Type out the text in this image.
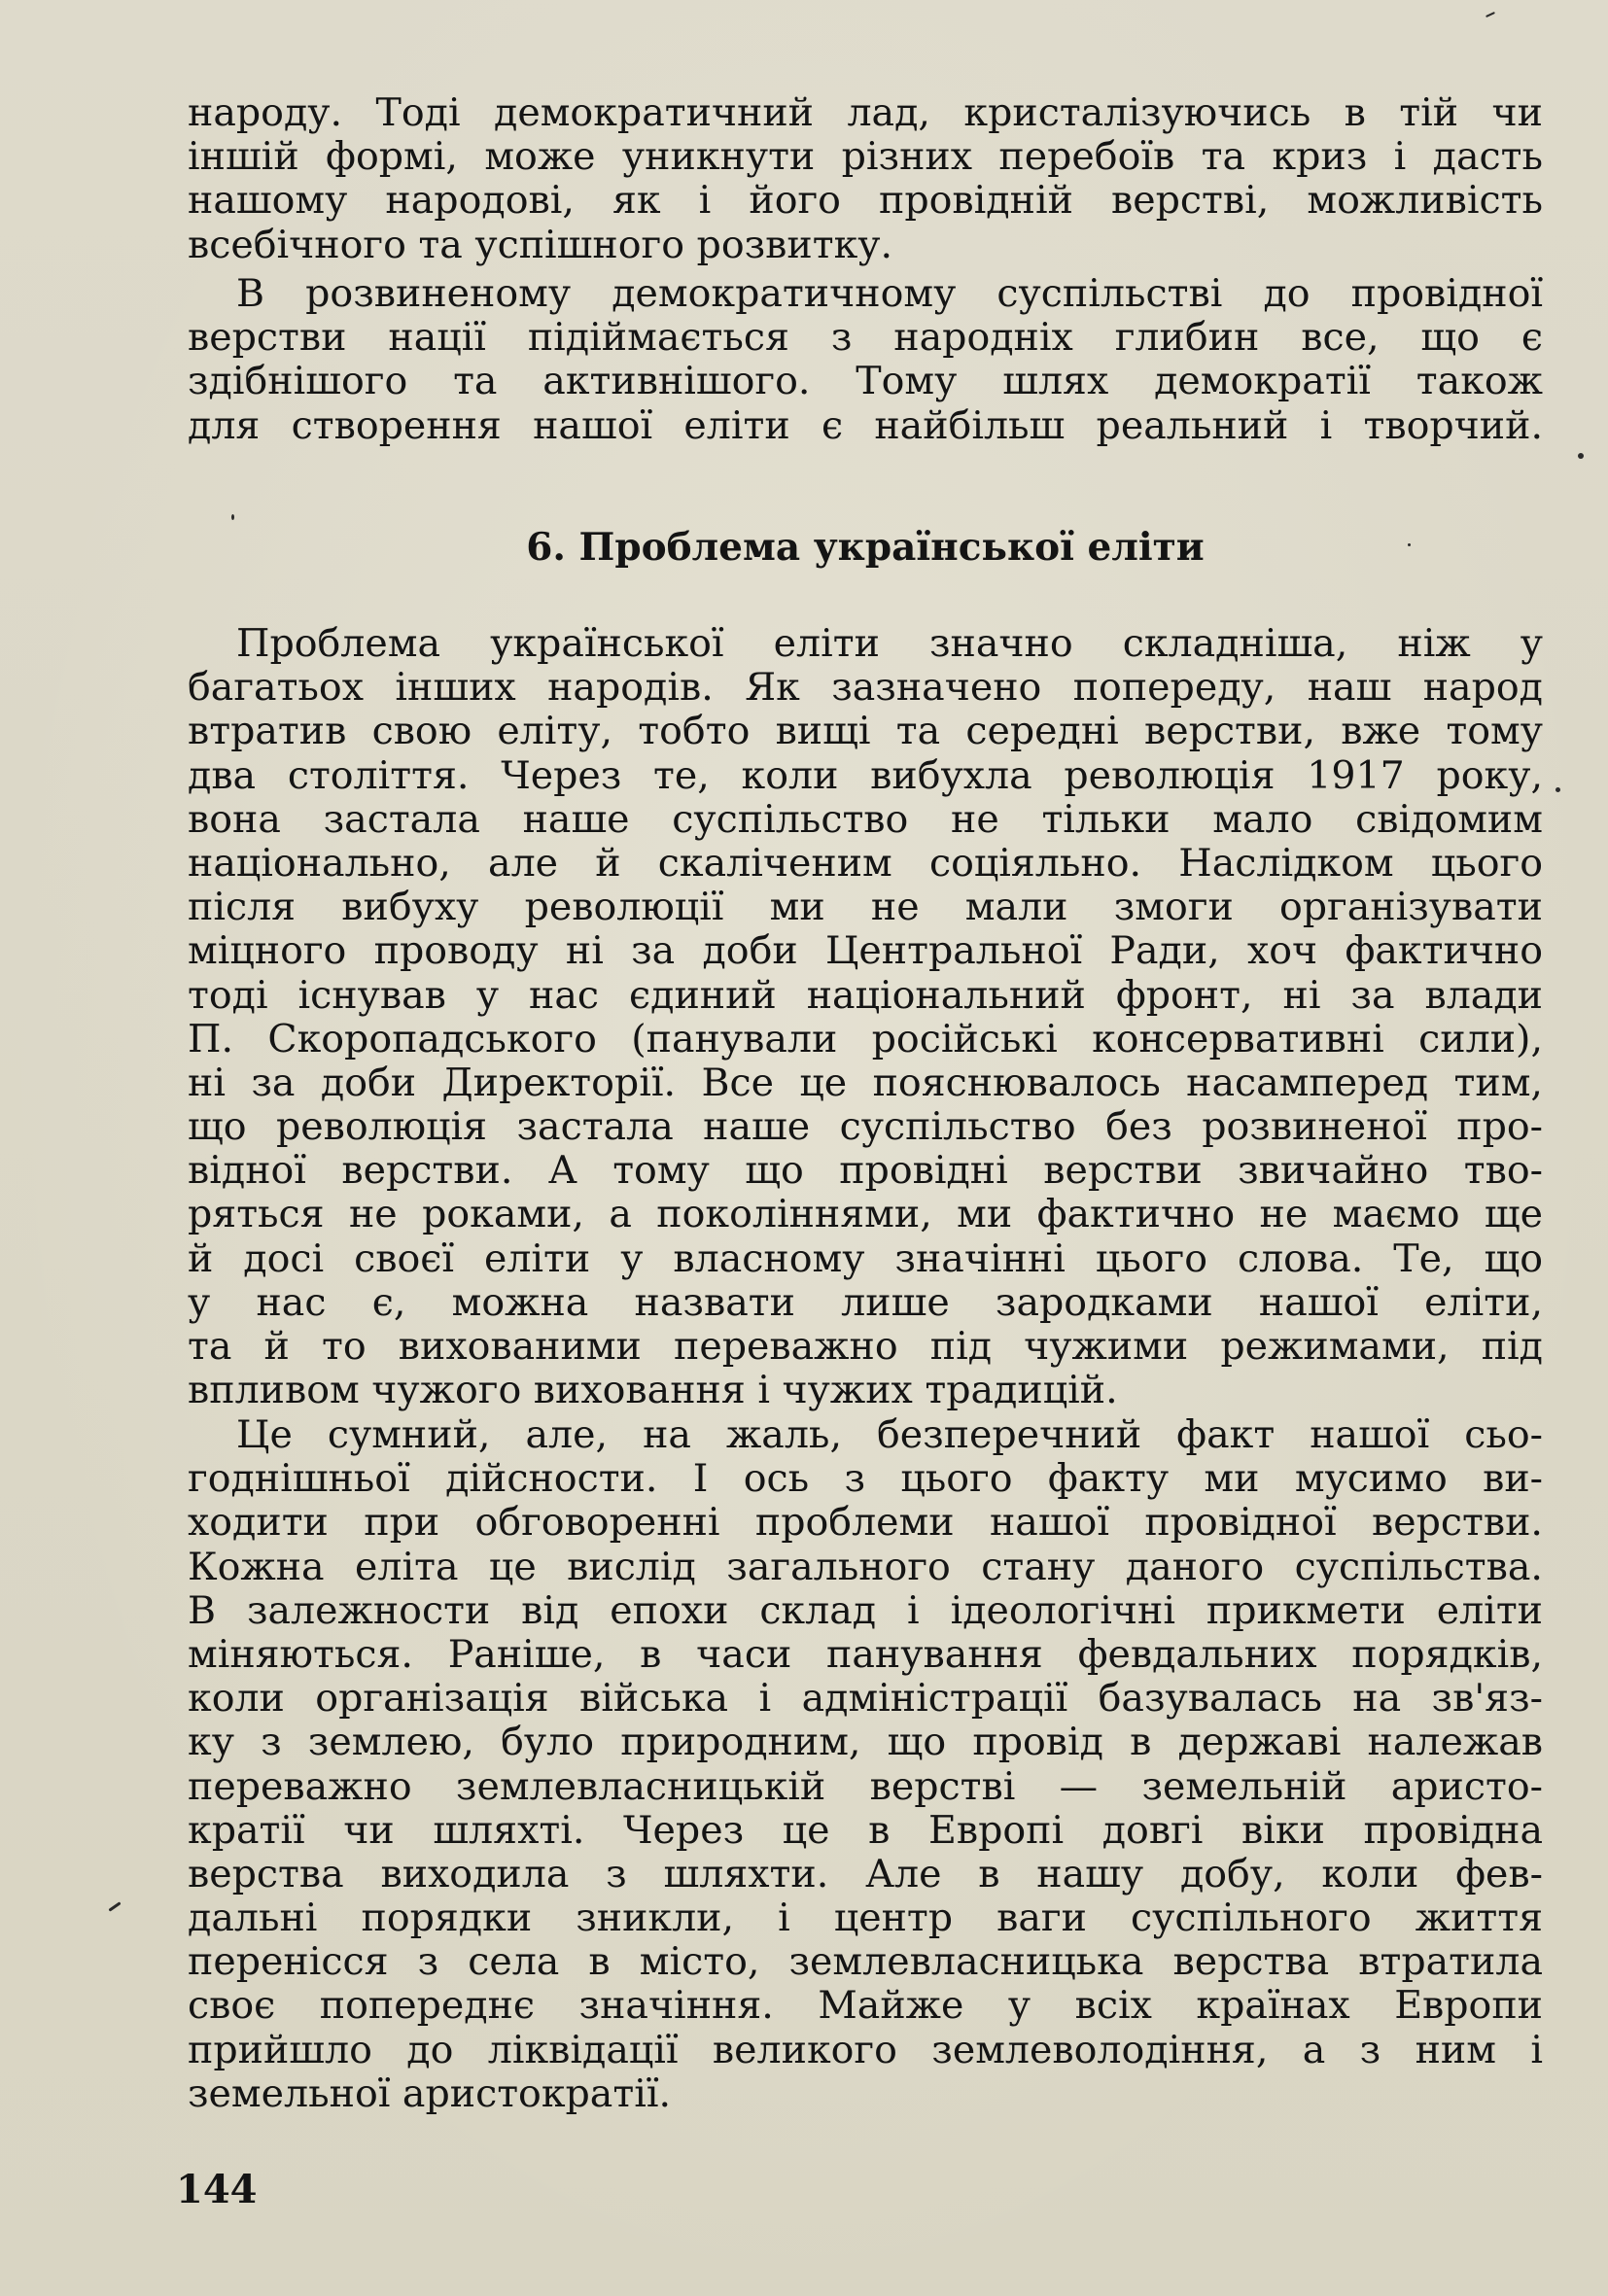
народу. Тоді демократичний лад, кристалізуючись в тій чи
іншій формі, може уникнути різних перебоїв та криз і дасть
нашому народові, як і його провідній верстві, можливість
всебічного та успішного розвитку.
В розвиненому демократичному суспільстві до провідної
верстви нації підіймається з народніх глибин все, що є
здібнішого та активнішого. Тому шлях демократії також
для створення нашої еліти є найбільш реальний і творчий.
6. Проблема української еліти
Проблема української еліти значно складніша, ніж у
багатьох інших народів. Як зазначено попереду, наш народ
втратив свою еліту, тобто вищі та середні верстви, вже тому
два століття. Через те, коли вибухла революція 1917 року,
вона застала наше суспільство не тільки мало свідомим
національно, але й скаліченим соціяльно. Наслідком цього
після вибуху революції ми не мали змоги організувати
міцного проводу ні за доби Центральної Ради, хоч фактично
тоді існував у нас єдиний національний фронт, ні за влади
П. Скоропадського (панували російські консервативні сили),
ні за доби Директорії. Все це пояснювалось насамперед тим,
що революція застала наше суспільство без розвиненої про-
відної верстви. А тому що провідні верстви звичайно тво-
ряться не роками, а поколіннями, ми фактично не маємо ще
й досі своєї еліти у власному значінні цього слова. Те, що
у нас є, можна назвати лише зародками нашої еліти,
та й то вихованими переважно під чужими режимами, під
впливом чужого виховання і чужих традицій.
Це сумний, але, на жаль, безперечний факт нашої сьо-
годнішньої дійсности. І ось з цього факту ми мусимо ви-
ходити при обговоренні проблеми нашої провідної верстви.
Кожна еліта це вислід загального стану даного суспільства.
В залежности від епохи склад і ідеологічні прикмети еліти
міняються. Раніше, в часи панування февдальних порядків,
коли організація війська і адміністрації базувалась на зв'яз-
ку з землею, було природним, що провід в державі належав
переважно землевласницькій верстві — земельній аристо-
кратії чи шляхті. Через це в Европі довгі віки провідна
верства виходила з шляхти. Але в нашу добу, коли фев-
дальні порядки зникли, і центр ваги суспільного життя
перенісся з села в місто, землевласницька верства втратила
своє попереднє значіння. Майже у всіх країнах Европи
прийшло до ліквідації великого землеволодіння, а з ним і
земельної аристократії.
144
